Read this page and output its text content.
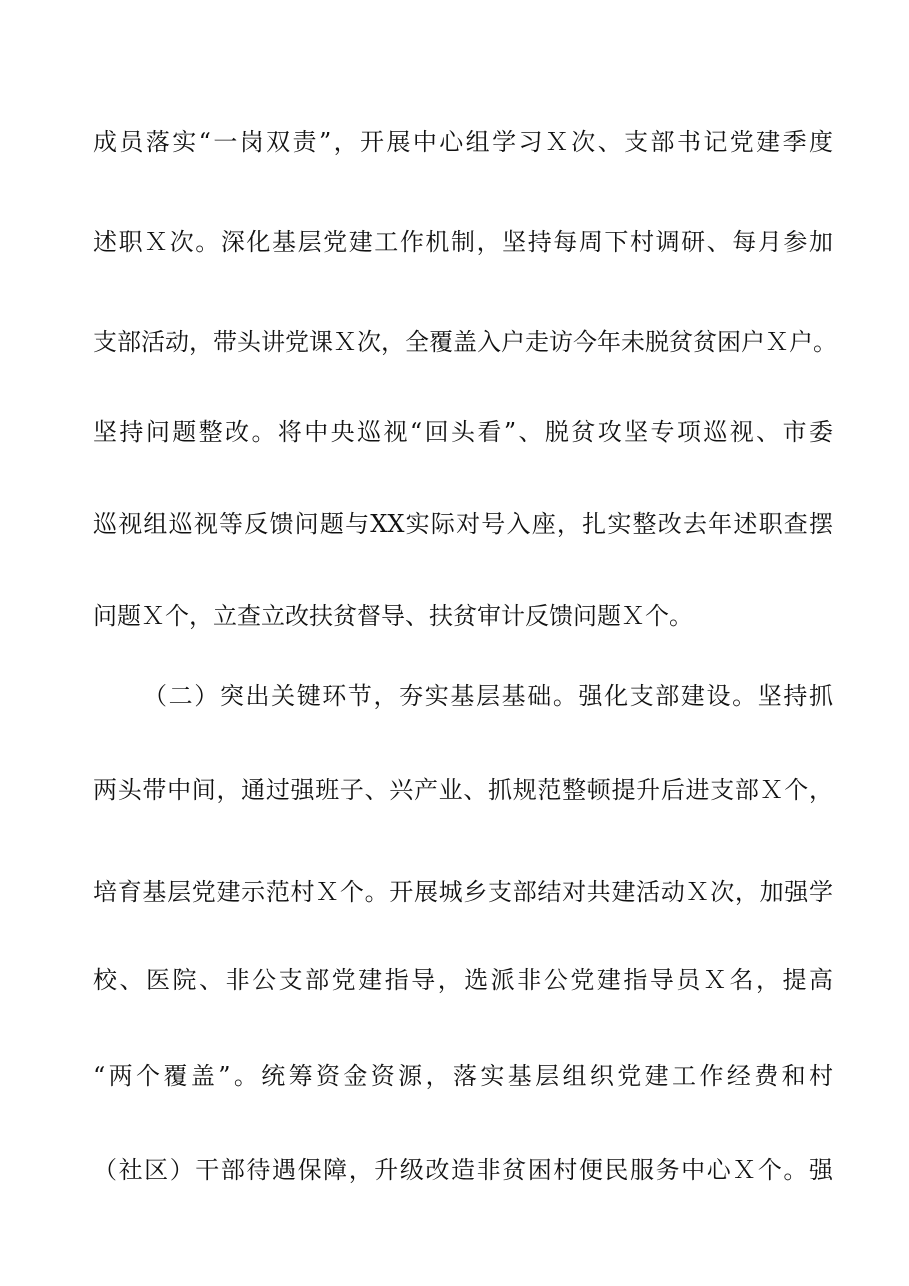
成员落实“一岗双责”，开展中心组学习Ｘ次、支部书记党建季度
述职Ｘ次。深化基层党建工作机制，坚持每周下村调研、每月参加
支部活动，带头讲党课Ｘ次，全覆盖入户走访今年未脱贫贫困户Ｘ户。
坚持问题整改。将中央巡视“回头看”、脱贫攻坚专项巡视、市委
巡视组巡视等反馈问题与XX实际对号入座，扎实整改去年述职查摆
问题Ｘ个，立查立改扶贫督导、扶贫审计反馈问题Ｘ个。
（二）突出关键环节，夯实基层基础。强化支部建设。坚持抓
两头带中间，通过强班子、兴产业、抓规范整顿提升后进支部Ｘ个，
培育基层党建示范村Ｘ个。开展城乡支部结对共建活动Ｘ次，加强学
校、医院、非公支部党建指导，选派非公党建指导员Ｘ名，提高
“两个覆盖”。统筹资金资源，落实基层组织党建工作经费和村
（社区）干部待遇保障，升级改造非贫困村便民服务中心Ｘ个。强
